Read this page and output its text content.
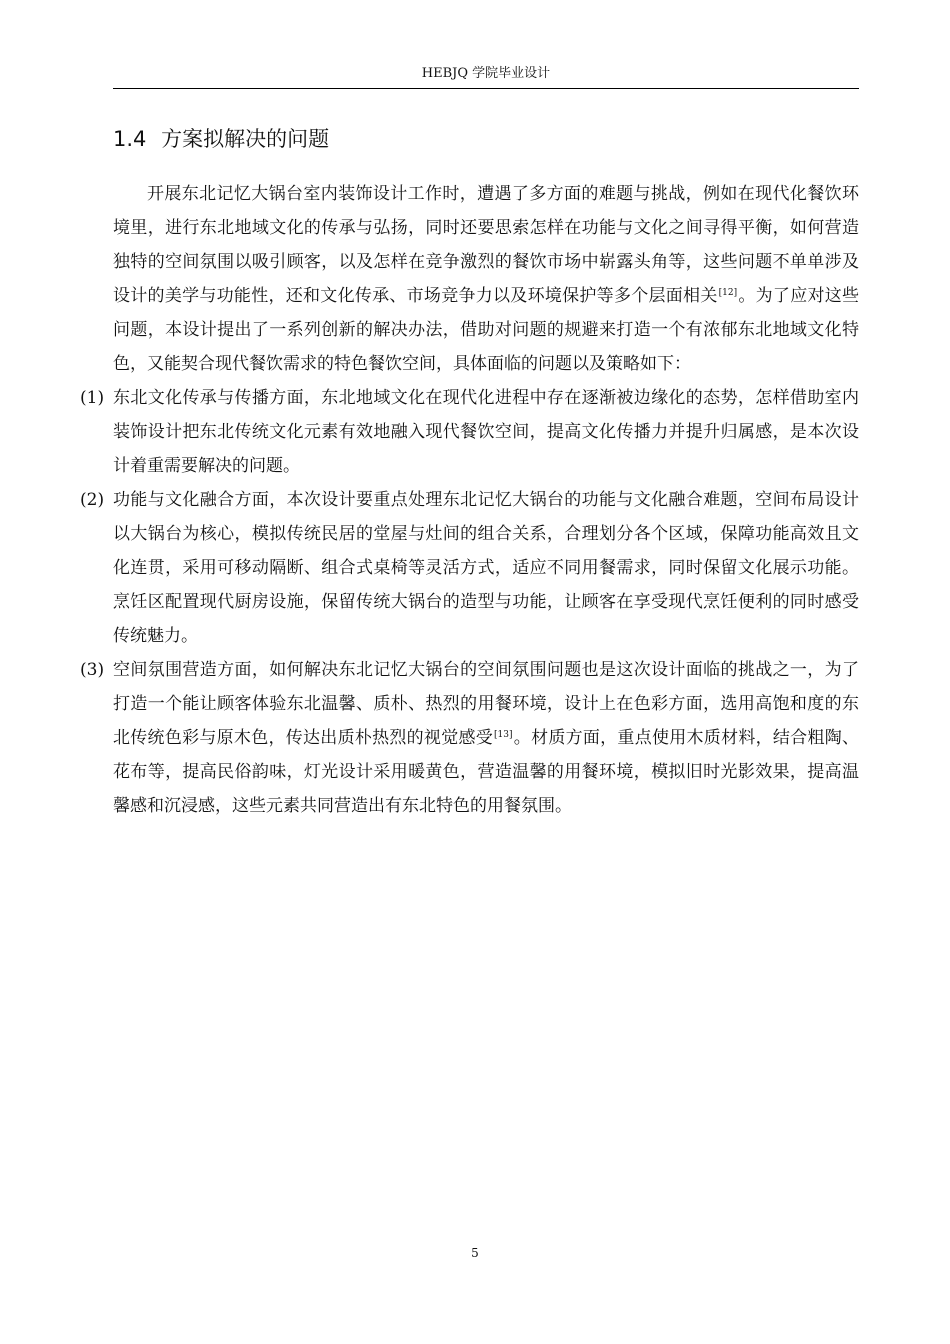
HEBJQ 学院毕业设计
1.4 方案拟解决的问题

开展东北记忆大锅台室内装饰设计工作时，遭遇了多方面的难题与挑战，例如在现代化餐饮环境里，进行东北地域文化的传承与弘扬，同时还要思索怎样在功能与文化之间寻得平衡，如何营造独特的空间氛围以吸引顾客，以及怎样在竞争激烈的餐饮市场中崭露头角等，这些问题不单单涉及设计的美学与功能性，还和文化传承、市场竞争力以及环境保护等多个层面相关[12]。为了应对这些问题，本设计提出了一系列创新的解决办法，借助对问题的规避来打造一个有浓郁东北地域文化特色，又能契合现代餐饮需求的特色餐饮空间，具体面临的问题以及策略如下：

(1) 东北文化传承与传播方面，东北地域文化在现代化进程中存在逐渐被边缘化的态势，怎样借助室内装饰设计把东北传统文化元素有效地融入现代餐饮空间，提高文化传播力并提升归属感，是本次设计着重需要解决的问题。

(2) 功能与文化融合方面，本次设计要重点处理东北记忆大锅台的功能与文化融合难题，空间布局设计以大锅台为核心，模拟传统民居的堂屋与灶间的组合关系，合理划分各个区域，保障功能高效且文化连贯，采用可移动隔断、组合式桌椅等灵活方式，适应不同用餐需求，同时保留文化展示功能。烹饪区配置现代厨房设施，保留传统大锅台的造型与功能，让顾客在享受现代烹饪便利的同时感受传统魅力。

(3) 空间氛围营造方面，如何解决东北记忆大锅台的空间氛围问题也是这次设计面临的挑战之一，为了打造一个能让顾客体验东北温馨、质朴、热烈的用餐环境，设计上在色彩方面，选用高饱和度的东北传统色彩与原木色，传达出质朴热烈的视觉感受[13]。材质方面，重点使用木质材料，结合粗陶、花布等，提高民俗韵味，灯光设计采用暖黄色，营造温馨的用餐环境，模拟旧时光影效果，提高温馨感和沉浸感，这些元素共同营造出有东北特色的用餐氛围。

5
